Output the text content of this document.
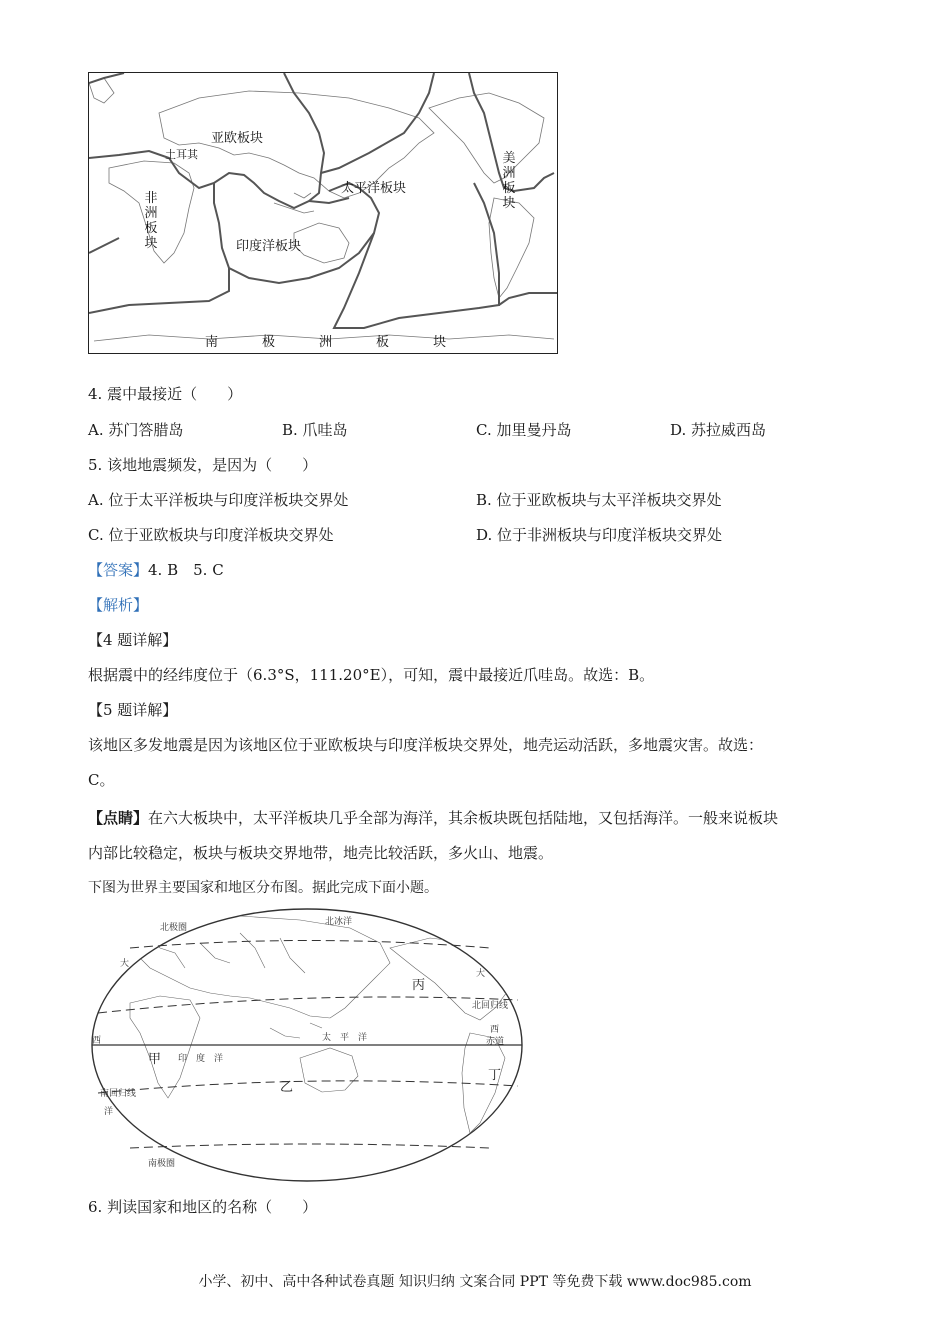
亚欧板块
土耳其
太平洋板块
印度洋板块
非
洲
板
块
美
洲
板
块
南	极	洲	板	块
4. 震中最接近（　　）
A. 苏门答腊岛	B. 爪哇岛	C. 加里曼丹岛	D. 苏拉威西岛
5. 该地地震频发，是因为（　　）
A. 位于太平洋板块与印度洋板块交界处	B. 位于亚欧板块与太平洋板块交界处
C. 位于亚欧板块与印度洋板块交界处	D. 位于非洲板块与印度洋板块交界处
【答案】4. B　5. C
【解析】
【4 题详解】
根据震中的经纬度位于（6.3°S，111.20°E），可知，震中最接近爪哇岛。故选：B。
【5 题详解】
该地区多发地震是因为该地区位于亚欧板块与印度洋板块交界处，地壳运动活跃，多地震灾害。故选：
C。
【点睛】在六大板块中，太平洋板块几乎全部为海洋，其余板块既包括陆地，又包括海洋。一般来说板块
内部比较稳定，板块与板块交界地带，地壳比较活跃，多火山、地震。
下图为世界主要国家和地区分布图。据此完成下面小题。
北极圈
北冰洋
大
大
丙
北回归线
西
赤道
西
甲 印　度　洋
太　平　洋
乙
丁
南回归线
洋
南极圈
6. 判读国家和地区的名称（　　）
小学、初中、高中各种试卷真题 知识归纳 文案合同 PPT 等免费下载 www.doc985.com
